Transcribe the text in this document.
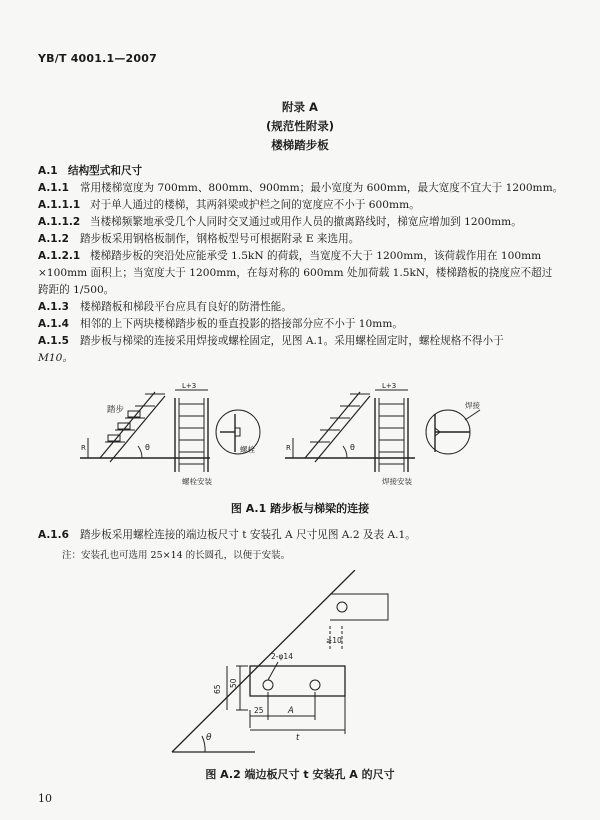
YB/T 4001.1—2007
附录 A
(规范性附录)
楼梯踏步板
A.1 结构型式和尺寸
A.1.1 常用楼梯宽度为 700mm、800mm、900mm；最小宽度为 600mm，最大宽度不宜大于 1200mm。
A.1.1.1 对于单人通过的楼梯，其两斜梁或护栏之间的宽度应不小于 600mm。
A.1.1.2 当楼梯频繁地承受几个人同时交叉通过或用作人员的撤离路线时，梯宽应增加到 1200mm。
A.1.2 踏步板采用钢格板制作，钢格板型号可根据附录 E 来选用。
A.1.2.1 楼梯踏步板的突沿处应能承受 1.5kN 的荷载，当宽度不大于 1200mm，该荷载作用在 100mm
×100mm 面积上；当宽度大于 1200mm，在每对称的 600mm 处加荷载 1.5kN，楼梯踏板的挠度应不超过
跨距的 1/500。
A.1.3 楼梯踏板和梯段平台应具有良好的防滑性能。
A.1.4 相邻的上下两块楼梯踏步板的垂直投影的搭接部分应不小于 10mm。
A.1.5 踏步板与梯梁的连接采用焊接或螺栓固定，见图 A.1。采用螺栓固定时，螺栓规格不得小于
M10。
踏步
θ
R
L+3
螺栓安装
螺栓	θ
R
L+3
焊接安装
焊接
图 A.1 踏步板与梯梁的连接
A.1.6 踏步板采用螺栓连接的端边板尺寸 t 安装孔 A 尺寸见图 A.2 及表 A.1。
注：安装孔也可选用 25×14 的长圆孔，以便于安装。
θ
≥10
2-φ14
65
50
25	A
t
图 A.2 端边板尺寸 t 安装孔 A 的尺寸
10
